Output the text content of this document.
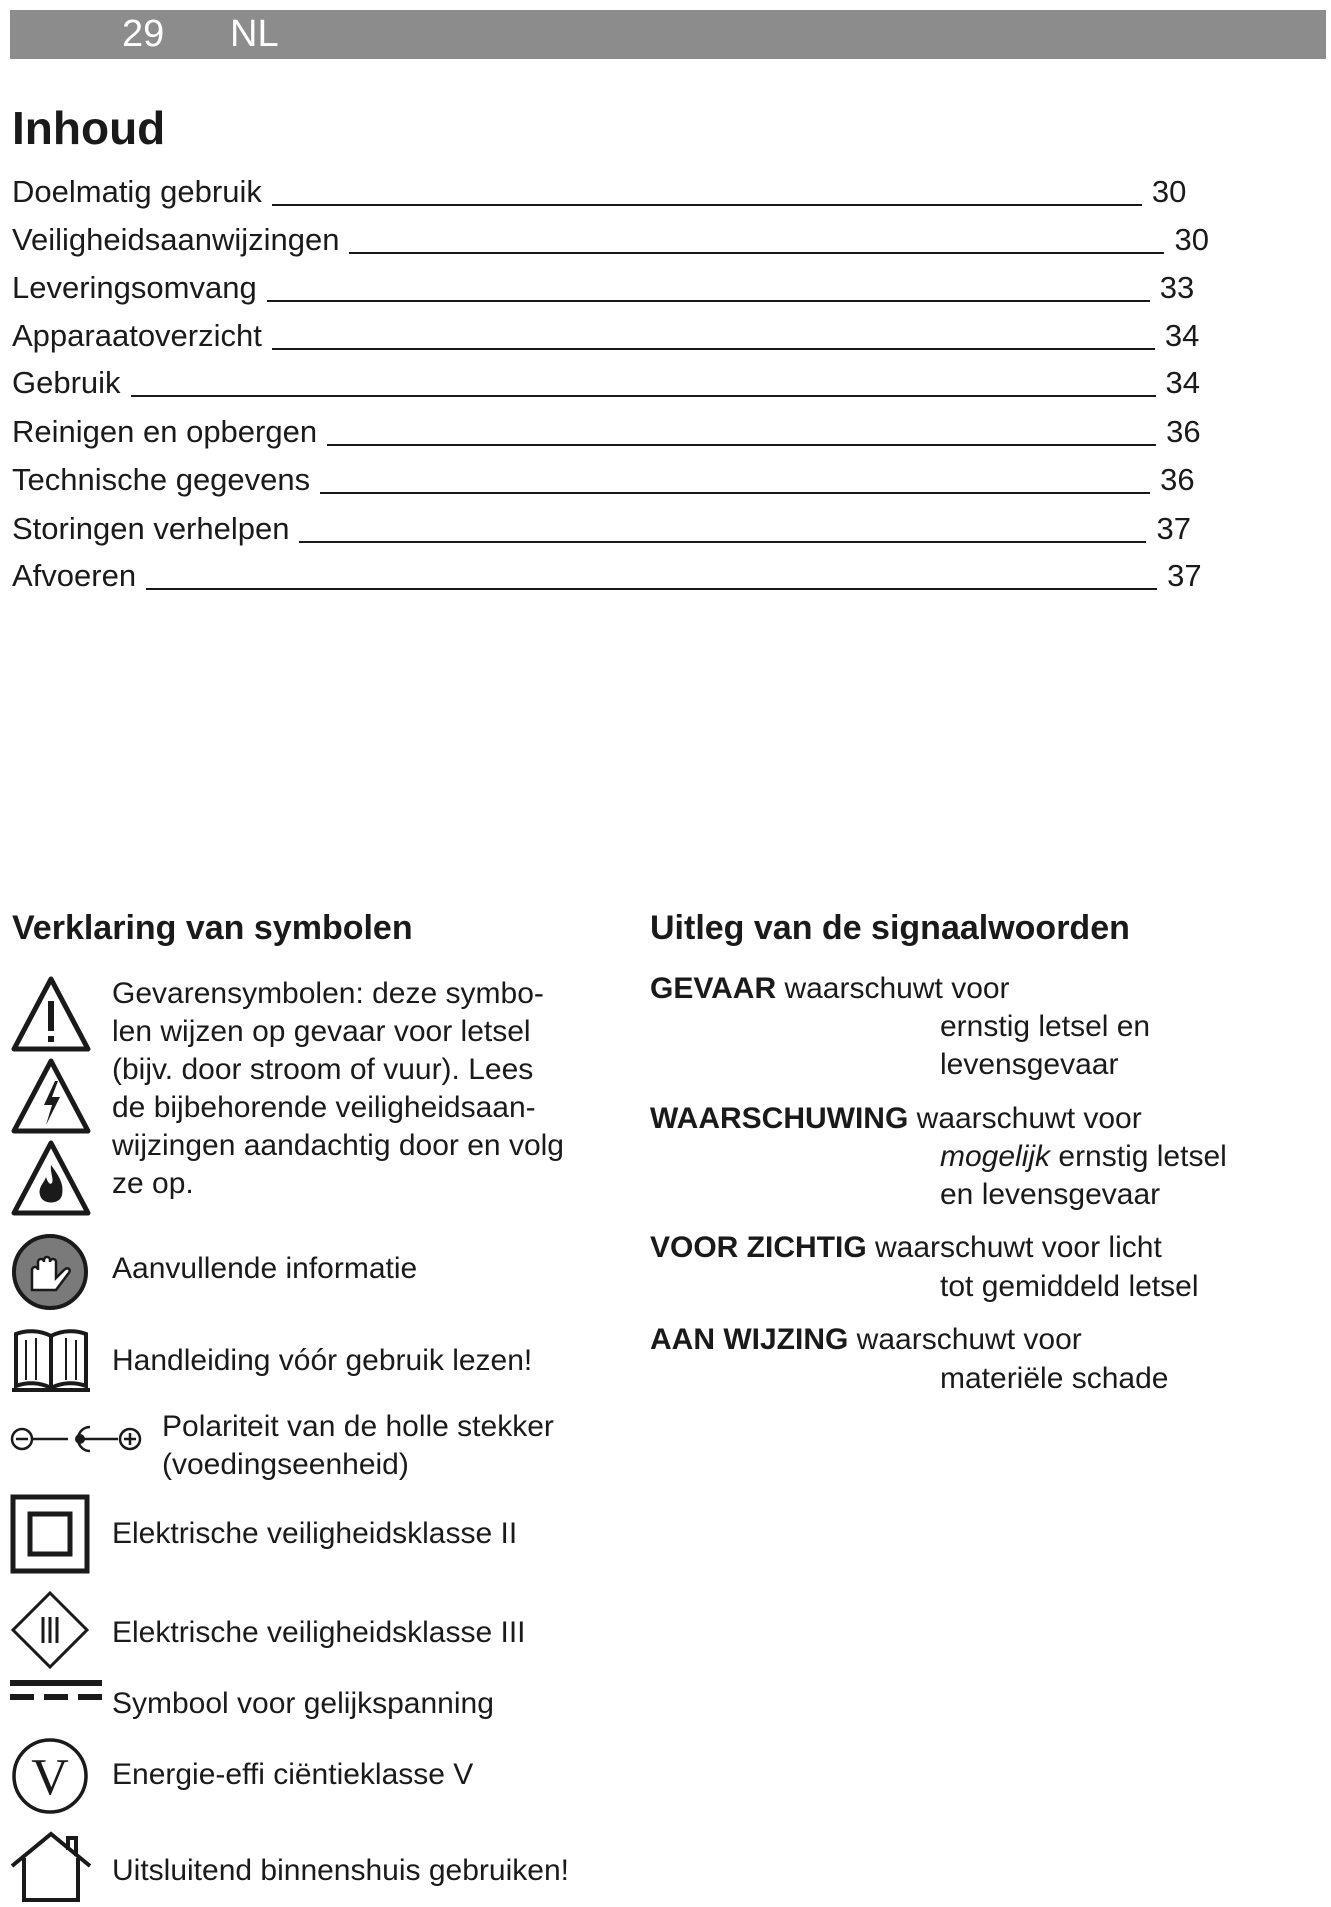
29 NL
Inhoud
Doelmatig gebruik	30
Veiligheidsaanwijzingen	30
Leveringsomvang	33
Apparaatoverzicht	34
Gebruik	34
Reinigen en opbergen	36
Technische gegevens	36
Storingen verhelpen	37
Afvoeren	37
Verklaring van symbolen

Gevarensymbolen: deze symbo-
len wijzen op gevaar voor letsel
(bijv. door stroom of vuur). Lees
de bijbehorende veiligheidsaan-
wijzingen aandachtig door en volg
ze op.

Aanvullende informatie

Handleiding vóór gebruik lezen!

Polariteit van de holle stekker
(voedingseenheid)

Elektrische veiligheidsklasse II

Elektrische veiligheidsklasse III

Symbool voor gelijkspanning

V Energie-effi ciëntieklasse V

Uitsluitend binnenshuis gebruiken!

Uitleg van de signaalwoorden
GEVAAR waarschuwt voor
ernstig letsel en
levensgevaar
WAARSCHUWING waarschuwt voor
mogelijk ernstig letsel
en levensgevaar
VOOR ZICHTIG waarschuwt voor licht
tot gemiddeld letsel
AAN WIJZING waarschuwt voor
materiële schade
